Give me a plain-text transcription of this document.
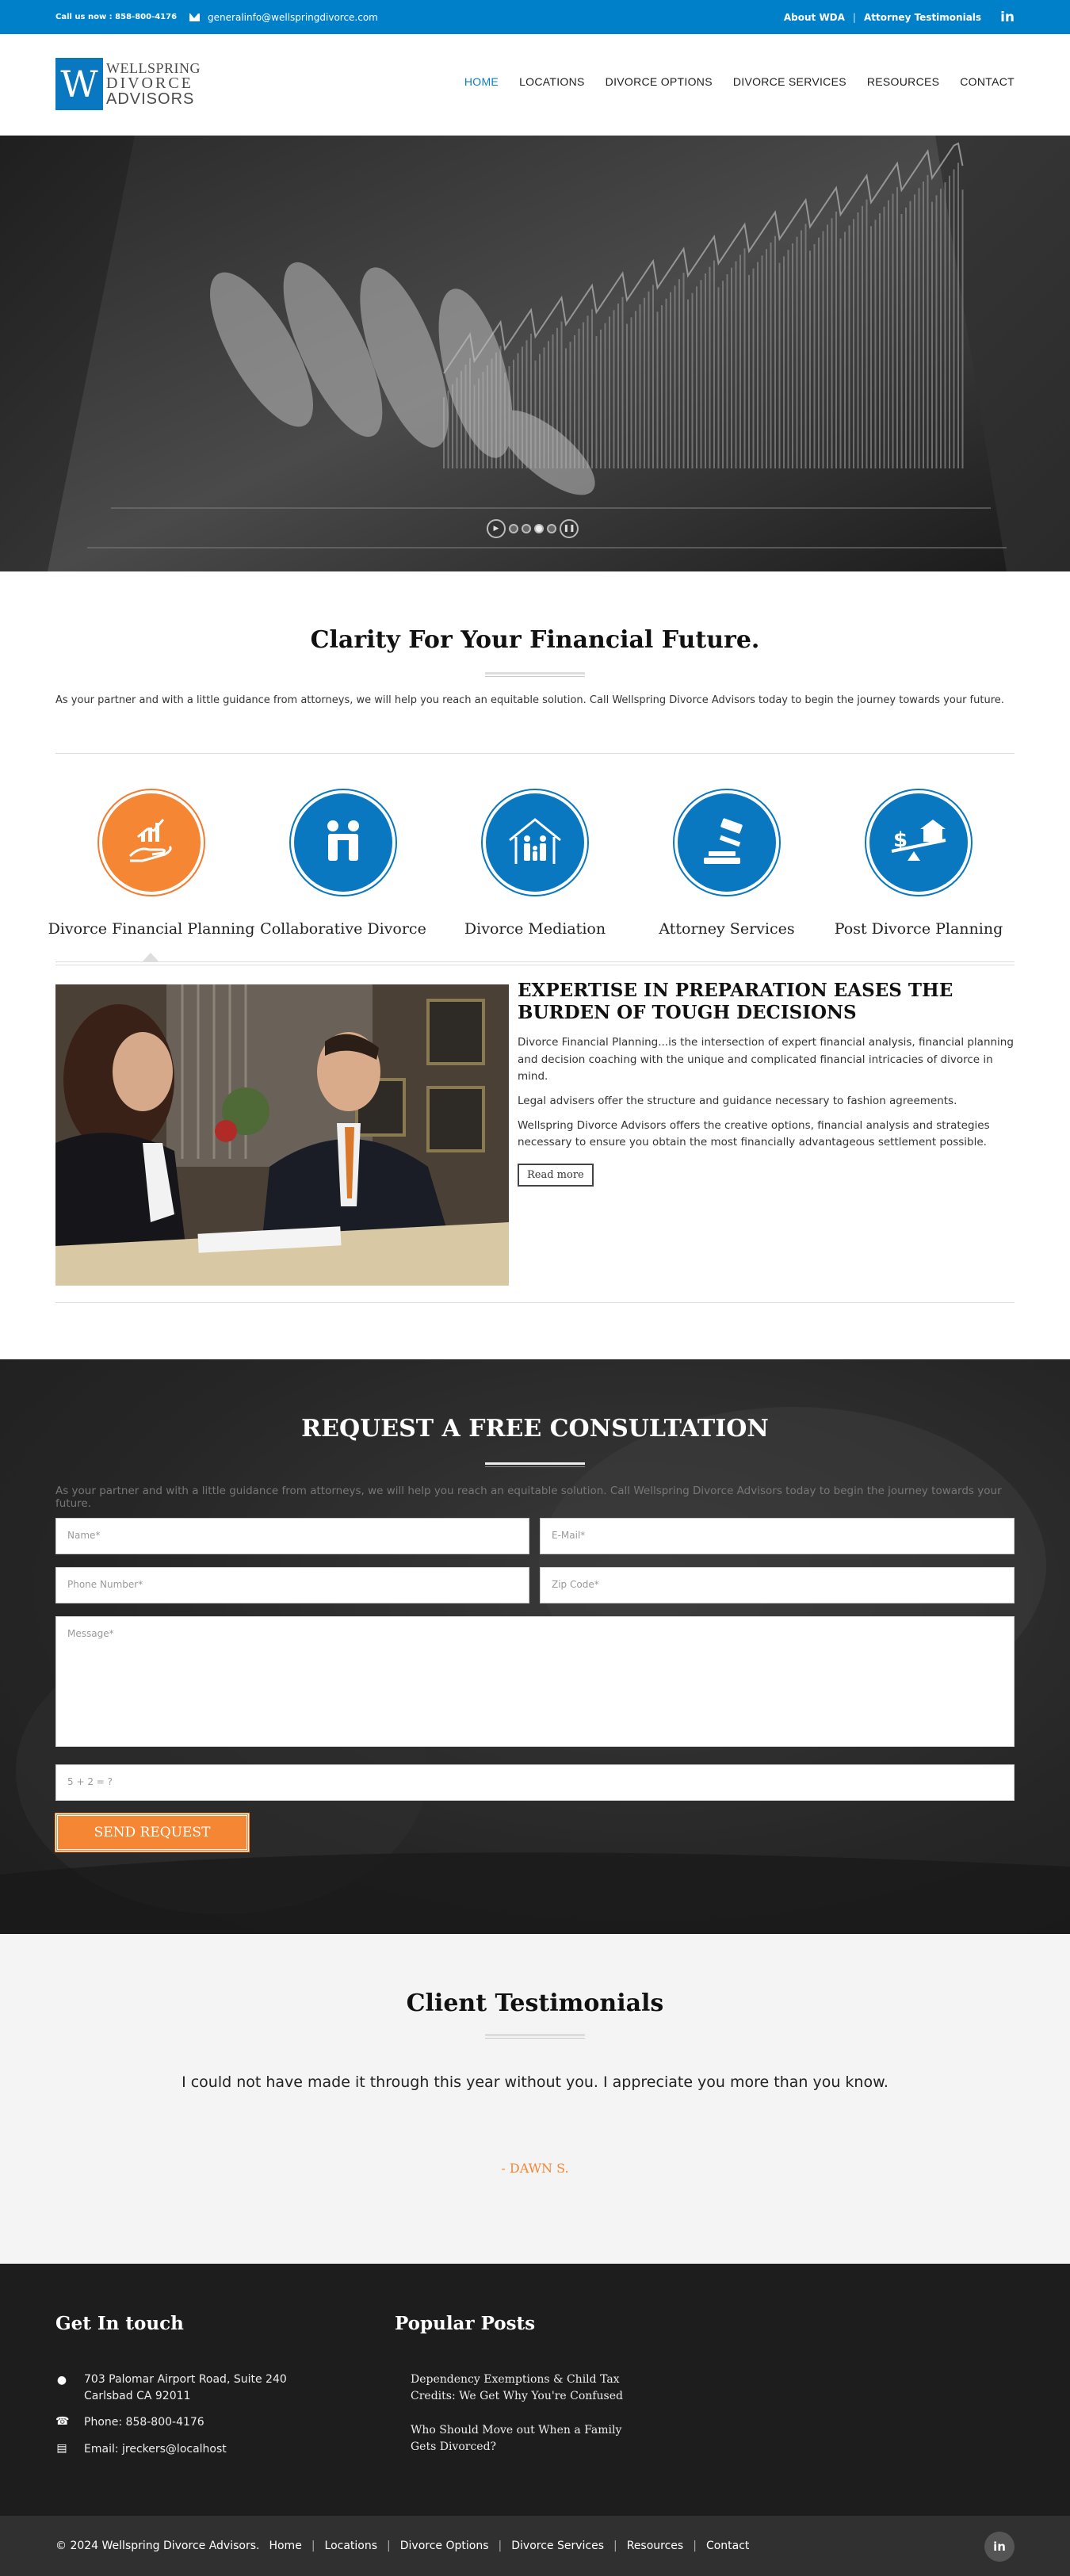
Call us now : 858-800-4176	generalinfo@wellspringdivorce.com	About WDA | Attorney Testimonials in
W WELLSPRING
DIVORCE
ADVISORS
HOME LOCATIONS DIVORCE OPTIONS DIVORCE SERVICES RESOURCES CONTACT
▶	❚❚
Clarity For Your Financial Future.

As your partner and with a little guidance from attorneys, we will help you reach an equitable solution. Call Wellspring Divorce Advisors today to begin the journey towards your future.

Divorce Financial Planning Collaborative Divorce	Divorce Mediation	Attorney Services
$
Post Divorce Planning
EXPERTISE IN PREPARATION EASES THE BURDEN OF TOUGH DECISIONS

Divorce Financial Planning...is the intersection of expert financial analysis, financial planning and decision coaching with the unique and complicated financial intricacies of divorce in mind.

Legal advisers offer the structure and guidance necessary to fashion agreements.

Wellspring Divorce Advisors offers the creative options, financial analysis and strategies necessary to ensure you obtain the most financially advantageous settlement possible.

Read more
REQUEST A FREE CONSULTATION

As your partner and with a little guidance from attorneys, we will help you reach an equitable solution. Call Wellspring Divorce Advisors today to begin the journey towards your future.

Name*	E-Mail*
Phone Number*	Zip Code*
Message*
5 + 2 = ?
SEND REQUEST
Client Testimonials

I could not have made it through this year without you. I appreciate you more than you know.

- DAWN S.

Get In touch
● 703 Palomar Airport Road, Suite 240
Carlsbad CA 92011
☎ Phone: 858-800-4176
▤ Email: jreckers@localhost
Popular Posts
Dependency Exemptions & Child Tax Credits: We Get Why You're Confused
Who Should Move out When a Family Gets Divorced?
© 2024 Wellspring Divorce Advisors. Home | Locations | Divorce Options | Divorce Services | Resources | Contact	in
